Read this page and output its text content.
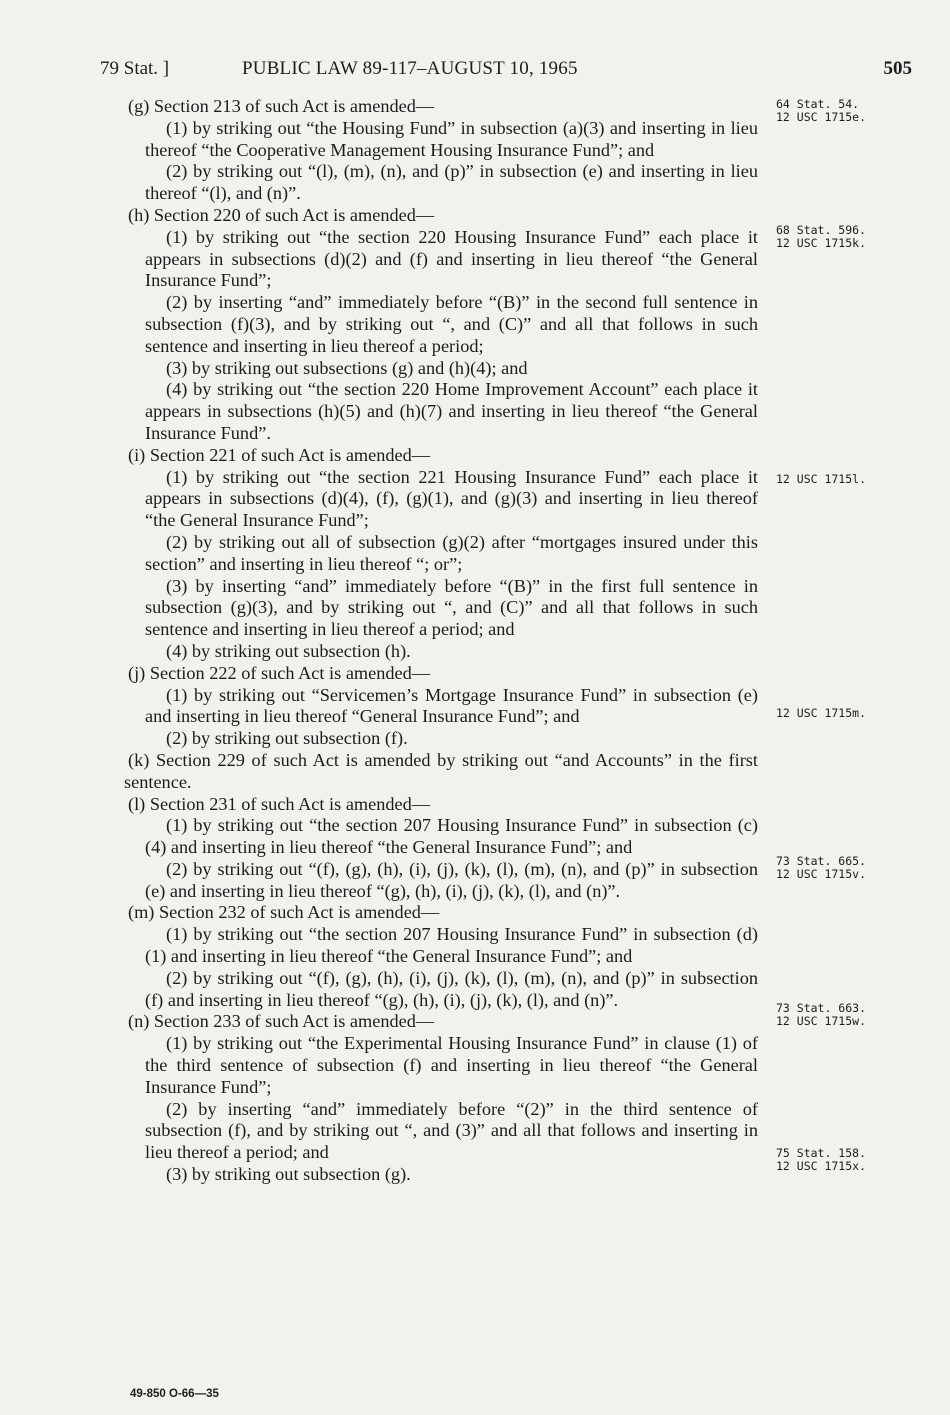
79 Stat. ]	PUBLIC LAW 89-117–AUGUST 10, 1965	505

(g) Section 213 of such Act is amended—

(1) by striking out “the Housing Fund” in subsection (a)(3) and inserting in lieu thereof “the Cooperative Management Housing Insurance Fund”; and

(2) by striking out “(l), (m), (n), and (p)” in subsection (e) and inserting in lieu thereof “(l), and (n)”.

(h) Section 220 of such Act is amended—

(1) by striking out “the section 220 Housing Insurance Fund” each place it appears in subsections (d)(2) and (f) and inserting in lieu thereof “the General Insurance Fund”;

(2) by inserting “and” immediately before “(B)” in the second full sentence in subsection (f)(3), and by striking out “, and (C)” and all that follows in such sentence and inserting in lieu thereof a period;

(3) by striking out subsections (g) and (h)(4); and

(4) by striking out “the section 220 Home Improvement Account” each place it appears in subsections (h)(5) and (h)(7) and inserting in lieu thereof “the General Insurance Fund”.

(i) Section 221 of such Act is amended—

(1) by striking out “the section 221 Housing Insurance Fund” each place it appears in subsections (d)(4), (f), (g)(1), and (g)(3) and inserting in lieu thereof “the General Insurance Fund”;

(2) by striking out all of subsection (g)(2) after “mortgages insured under this section” and inserting in lieu thereof “; or”;

(3) by inserting “and” immediately before “(B)” in the first full sentence in subsection (g)(3), and by striking out “, and (C)” and all that follows in such sentence and inserting in lieu thereof a period; and

(4) by striking out subsection (h).

(j) Section 222 of such Act is amended—

(1) by striking out “Servicemen’s Mortgage Insurance Fund” in subsection (e) and inserting in lieu thereof “General Insurance Fund”; and

(2) by striking out subsection (f).

(k) Section 229 of such Act is amended by striking out “and Accounts” in the first sentence.

(l) Section 231 of such Act is amended—

(1) by striking out “the section 207 Housing Insurance Fund” in subsection (c)(4) and inserting in lieu thereof “the General Insurance Fund”; and

(2) by striking out “(f), (g), (h), (i), (j), (k), (l), (m), (n), and (p)” in subsection (e) and inserting in lieu thereof “(g), (h), (i), (j), (k), (l), and (n)”.

(m) Section 232 of such Act is amended—

(1) by striking out “the section 207 Housing Insurance Fund” in subsection (d)(1) and inserting in lieu thereof “the General Insurance Fund”; and

(2) by striking out “(f), (g), (h), (i), (j), (k), (l), (m), (n), and (p)” in subsection (f) and inserting in lieu thereof “(g), (h), (i), (j), (k), (l), and (n)”.

(n) Section 233 of such Act is amended—

(1) by striking out “the Experimental Housing Insurance Fund” in clause (1) of the third sentence of subsection (f) and inserting in lieu thereof “the General Insurance Fund”;

(2) by inserting “and” immediately before “(2)” in the third sentence of subsection (f), and by striking out “, and (3)” and all that follows and inserting in lieu thereof a period; and

(3) by striking out subsection (g).

64 Stat. 54.
12 USC 1715e.
68 Stat. 596.
12 USC 1715k.
12 USC 1715l.
12 USC 1715m.
73 Stat. 665.
12 USC 1715v.
73 Stat. 663.
12 USC 1715w.
75 Stat. 158.
12 USC 1715x.
49-850 O-66—35
